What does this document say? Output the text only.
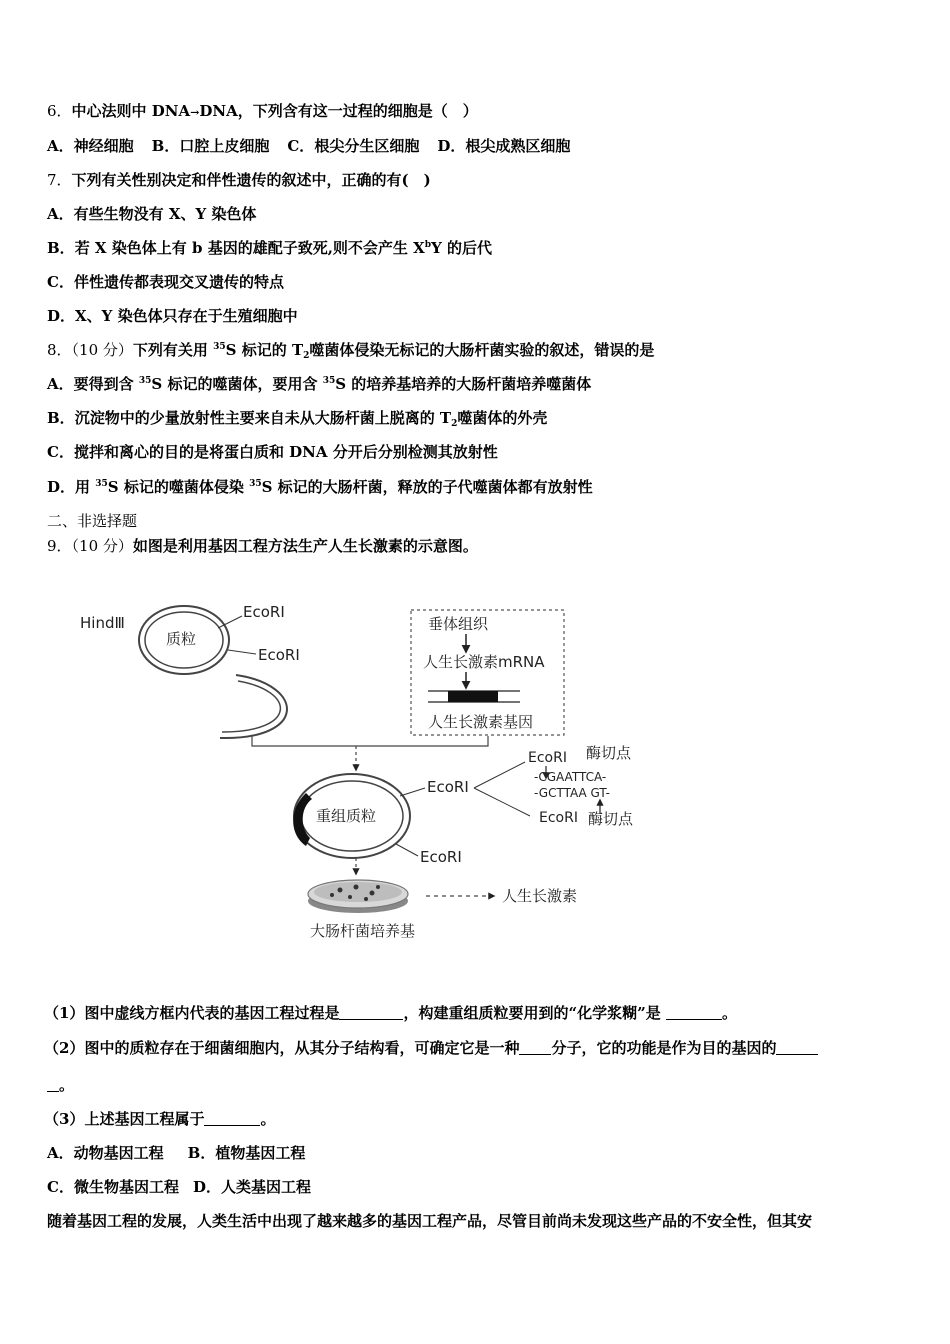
6．中心法则中 DNA→DNA，下列含有这一过程的细胞是（　）
A．神经细胞 B．口腔上皮细胞 C．根尖分生区细胞 D．根尖成熟区细胞
7．下列有关性别决定和伴性遗传的叙述中，正确的有(　)
A．有些生物没有 X、Y 染色体
B．若 X 染色体上有 b 基因的雄配子致死,则不会产生 $X^bY$ 的后代
C．伴性遗传都表现交叉遗传的特点
D．X、Y 染色体只存在于生殖细胞中
8．（10 分）下列有关用 $^{35}$S 标记的 $T_2$噬菌体侵染无标记的大肠杆菌实验的叙述，错误的是
A．要得到含 $^{35}$S 标记的噬菌体，要用含 $^{35}$S 的培养基培养的大肠杆菌培养噬菌体
B．沉淀物中的少量放射性主要来自未从大肠杆菌上脱离的 $T_2$噬菌体的外壳
C．搅拌和离心的目的是将蛋白质和 DNA 分开后分别检测其放射性
D．用 $^{35}$S 标记的噬菌体侵染 $^{35}$S 标记的大肠杆菌，释放的子代噬菌体都有放射性
二、非选择题
9．（10 分）如图是利用基因工程方法生产人生长激素的示意图。
HindⅢ
质粒
EcoRI
EcoRI
垂体组织
人生长激素mRNA
人生长激素基因
重组质粒
EcoRI
EcoRI
EcoRI 酶切点
-CGAATTCA-
-GCTTAA GT-
EcoRI 酶切点
大肠杆菌培养基
人生长激素
（1）图中虚线方框内代表的基因工程过程是	，构建重组质粒要用到的“化学浆糊”是	。
（2）图中的质粒存在于细菌细胞内，从其分子结构看，可确定它是一种 分子，它的功能是作为目的基因的
。
（3）上述基因工程属于	。
A．动物基因工程 B．植物基因工程
C．微生物基因工程 D．人类基因工程
随着基因工程的发展，人类生活中出现了越来越多的基因工程产品，尽管目前尚未发现这些产品的不安全性，但其安
